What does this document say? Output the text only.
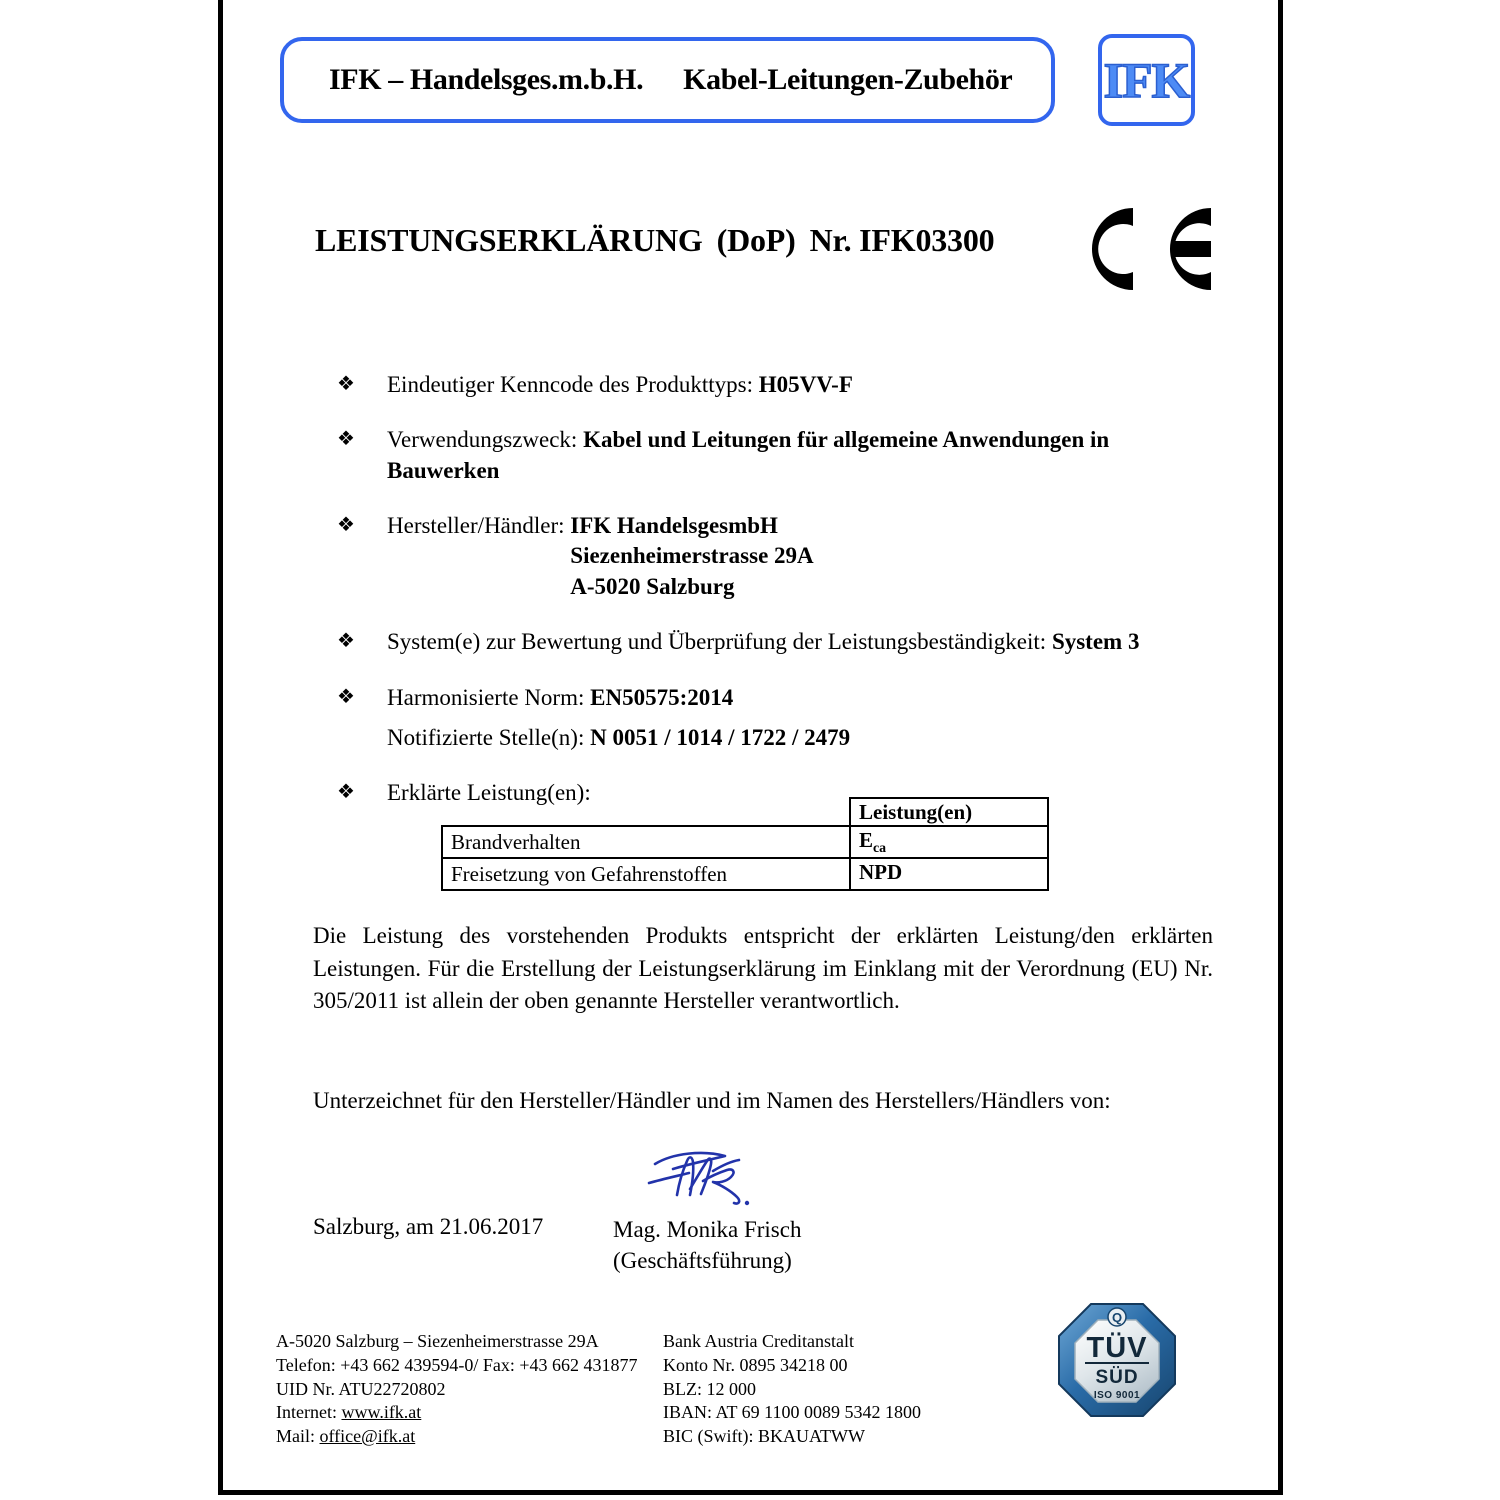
IFK – Handelsges.m.b.H. Kabel-Leitungen-Zubehör IFK
LEISTUNGSERKLÄRUNG (DoP) Nr. IFK03300
❖ Eindeutiger Kenncode des Produkttyps: H05VV-F
❖ Verwendungszweck: Kabel und Leitungen für allgemeine Anwendungen in Bauwerken
❖ Hersteller/Händler: IFK HandelsgesmbH
Siezenheimerstrasse 29A
A-5020 Salzburg
❖ System(e) zur Bewertung und Überprüfung der Leistungsbeständigkeit: System 3
❖ Harmonisierte Norm: EN50575:2014
Notifizierte Stelle(n): N 0051 / 1014 / 1722 / 2479
❖ Erklärte Leistung(en):
	Leistung(en)
Brandverhalten	$E_{ca}$
Freisetzung von Gefahrenstoffen	NPD
Die Leistung des vorstehenden Produkts entspricht der erklärten Leistung/den erklärten Leistungen. Für die Erstellung der Leistungserklärung im Einklang mit der Verordnung (EU) Nr. 305/2011 ist allein der oben genannte Hersteller verantwortlich.
Unterzeichnet für den Hersteller/Händler und im Namen des Herstellers/Händlers von:
Salzburg, am 21.06.2017	Mag. Monika Frisch
(Geschäftsführung)
A-5020 Salzburg – Siezenheimerstrasse 29A
Telefon: +43 662 439594-0/ Fax: +43 662 431877
UID Nr. ATU22720802
Internet: www.ifk.at
Mail: office@ifk.at
Bank Austria Creditanstalt
Konto Nr. 0895 34218 00
BLZ: 12 000
IBAN: AT 69 1100 0089 5342 1800
BIC (Swift): BKAUATWW
Q
TÜV
SÜD
ISO 9001
